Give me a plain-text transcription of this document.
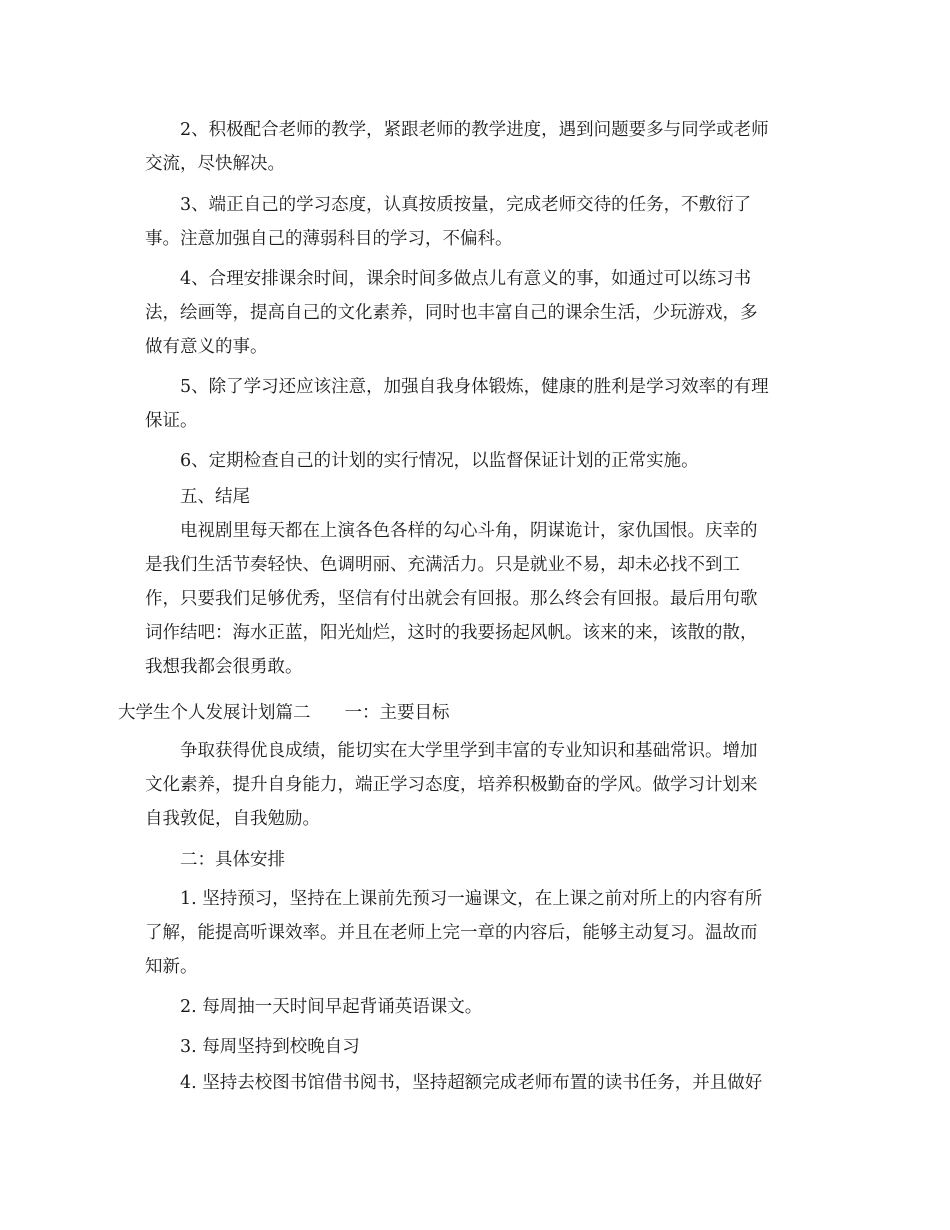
2、积极配合老师的教学，紧跟老师的教学进度，遇到问题要多与同学或老师
交流，尽快解决。
3、端正自己的学习态度，认真按质按量，完成老师交待的任务，不敷衍了
事。注意加强自己的薄弱科目的学习，不偏科。
4、合理安排课余时间，课余时间多做点儿有意义的事，如通过可以练习书
法，绘画等，提高自己的文化素养，同时也丰富自己的课余生活，少玩游戏，多
做有意义的事。
5、除了学习还应该注意，加强自我身体锻炼，健康的胜利是学习效率的有理
保证。
6、定期检查自己的计划的实行情况，以监督保证计划的正常实施。
五、结尾
电视剧里每天都在上演各色各样的勾心斗角，阴谋诡计，家仇国恨。庆幸的
是我们生活节奏轻快、色调明丽、充满活力。只是就业不易，却未必找不到工
作，只要我们足够优秀，坚信有付出就会有回报。那么终会有回报。最后用句歌
词作结吧：海水正蓝，阳光灿烂，这时的我要扬起风帆。该来的来，该散的散，
我想我都会很勇敢。
大学生个人发展计划篇二 一：主要目标
争取获得优良成绩，能切实在大学里学到丰富的专业知识和基础常识。增加
文化素养，提升自身能力，端正学习态度，培养积极勤奋的学风。做学习计划来
自我敦促，自我勉励。
二：具体安排
1. 坚持预习，坚持在上课前先预习一遍课文，在上课之前对所上的内容有所
了解，能提高听课效率。并且在老师上完一章的内容后，能够主动复习。温故而
知新。
2. 每周抽一天时间早起背诵英语课文。
3. 每周坚持到校晚自习
4. 坚持去校图书馆借书阅书，坚持超额完成老师布置的读书任务，并且做好
